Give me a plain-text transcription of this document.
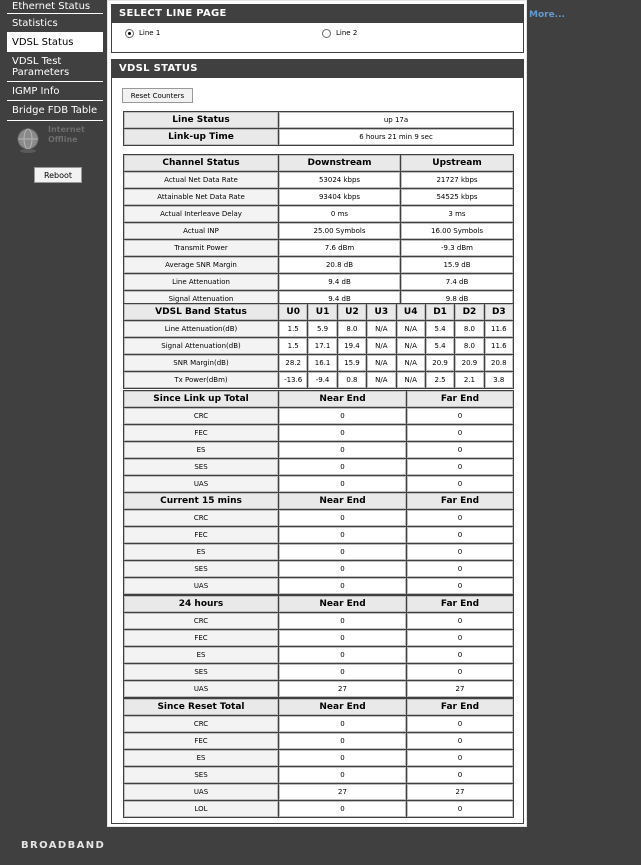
Ethernet Status
Statistics
VDSL Status
VDSL Test Parameters
IGMP Info
Bridge FDB Table
Internet Offline
Reboot
SELECT LINE PAGE
Line 1	Line 2
VDSL STATUS
Reset Counters
Line Status	up 17a
Link-up Time	6 hours 21 min 9 sec
Channel Status	Downstream	Upstream
Actual Net Data Rate	53024 kbps	21727 kbps
Attainable Net Data Rate	93404 kbps	54525 kbps
Actual Interleave Delay	0 ms	3 ms
Actual INP	25.00 Symbols	16.00 Symbols
Transmit Power	7.6 dBm	-9.3 dBm
Average SNR Margin	20.8 dB	15.9 dB
Line Attenuation	9.4 dB	7.4 dB
Signal Attenuation	9.4 dB	9.8 dB
VDSL Band Status	U0	U1	U2	U3	U4	D1	D2	D3
Line Attenuation(dB)	1.5	5.9	8.0	N/A	N/A	5.4	8.0	11.6
Signal Attenuation(dB)	1.5	17.1	19.4	N/A	N/A	5.4	8.0	11.6
SNR Margin(dB)	28.2	16.1	15.9	N/A	N/A	20.9	20.9	20.8
Tx Power(dBm)	-13.6	-9.4	0.8	N/A	N/A	2.5	2.1	3.8
Since Link up Total	Near End	Far End
CRC	0	0
FEC	0	0
ES	0	0
SES	0	0
UAS	0	0
Current 15 mins	Near End	Far End
CRC	0	0
FEC	0	0
ES	0	0
SES	0	0
UAS	0	0
24 hours	Near End	Far End
CRC	0	0
FEC	0	0
ES	0	0
SES	0	0
UAS	27	27
Since Reset Total	Near End	Far End
CRC	0	0
FEC	0	0
ES	0	0
SES	0	0
UAS	27	27
LOL	0	0
More...
BROADBAND
